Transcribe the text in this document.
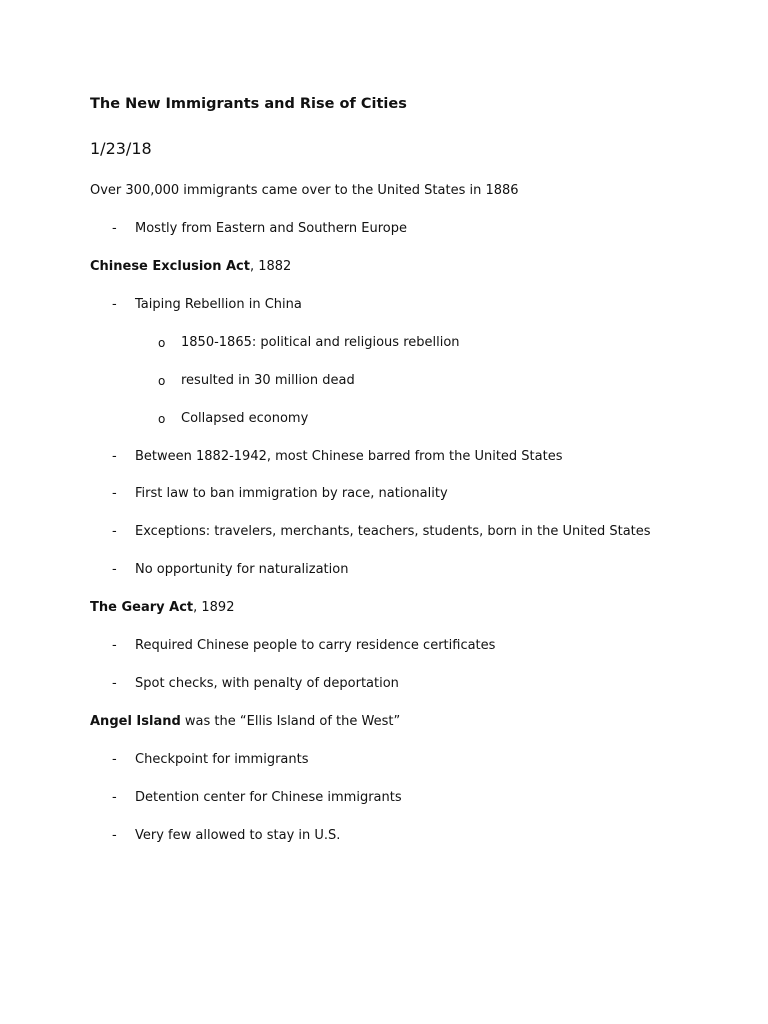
The New Immigrants and Rise of Cities
1/23/18
Over 300,000 immigrants came over to the United States in 1886
-	Mostly from Eastern and Southern Europe
Chinese Exclusion Act, 1882
-	Taiping Rebellion in China
o 1850-1865: political and religious rebellion
o resulted in 30 million dead
o Collapsed economy
-	Between 1882-1942, most Chinese barred from the United States
-	First law to ban immigration by race, nationality
-	Exceptions: travelers, merchants, teachers, students, born in the United States
-	No opportunity for naturalization
The Geary Act, 1892
-	Required Chinese people to carry residence certificates
-	Spot checks, with penalty of deportation
Angel Island was the “Ellis Island of the West”
-	Checkpoint for immigrants
-	Detention center for Chinese immigrants
-	Very few allowed to stay in U.S.
